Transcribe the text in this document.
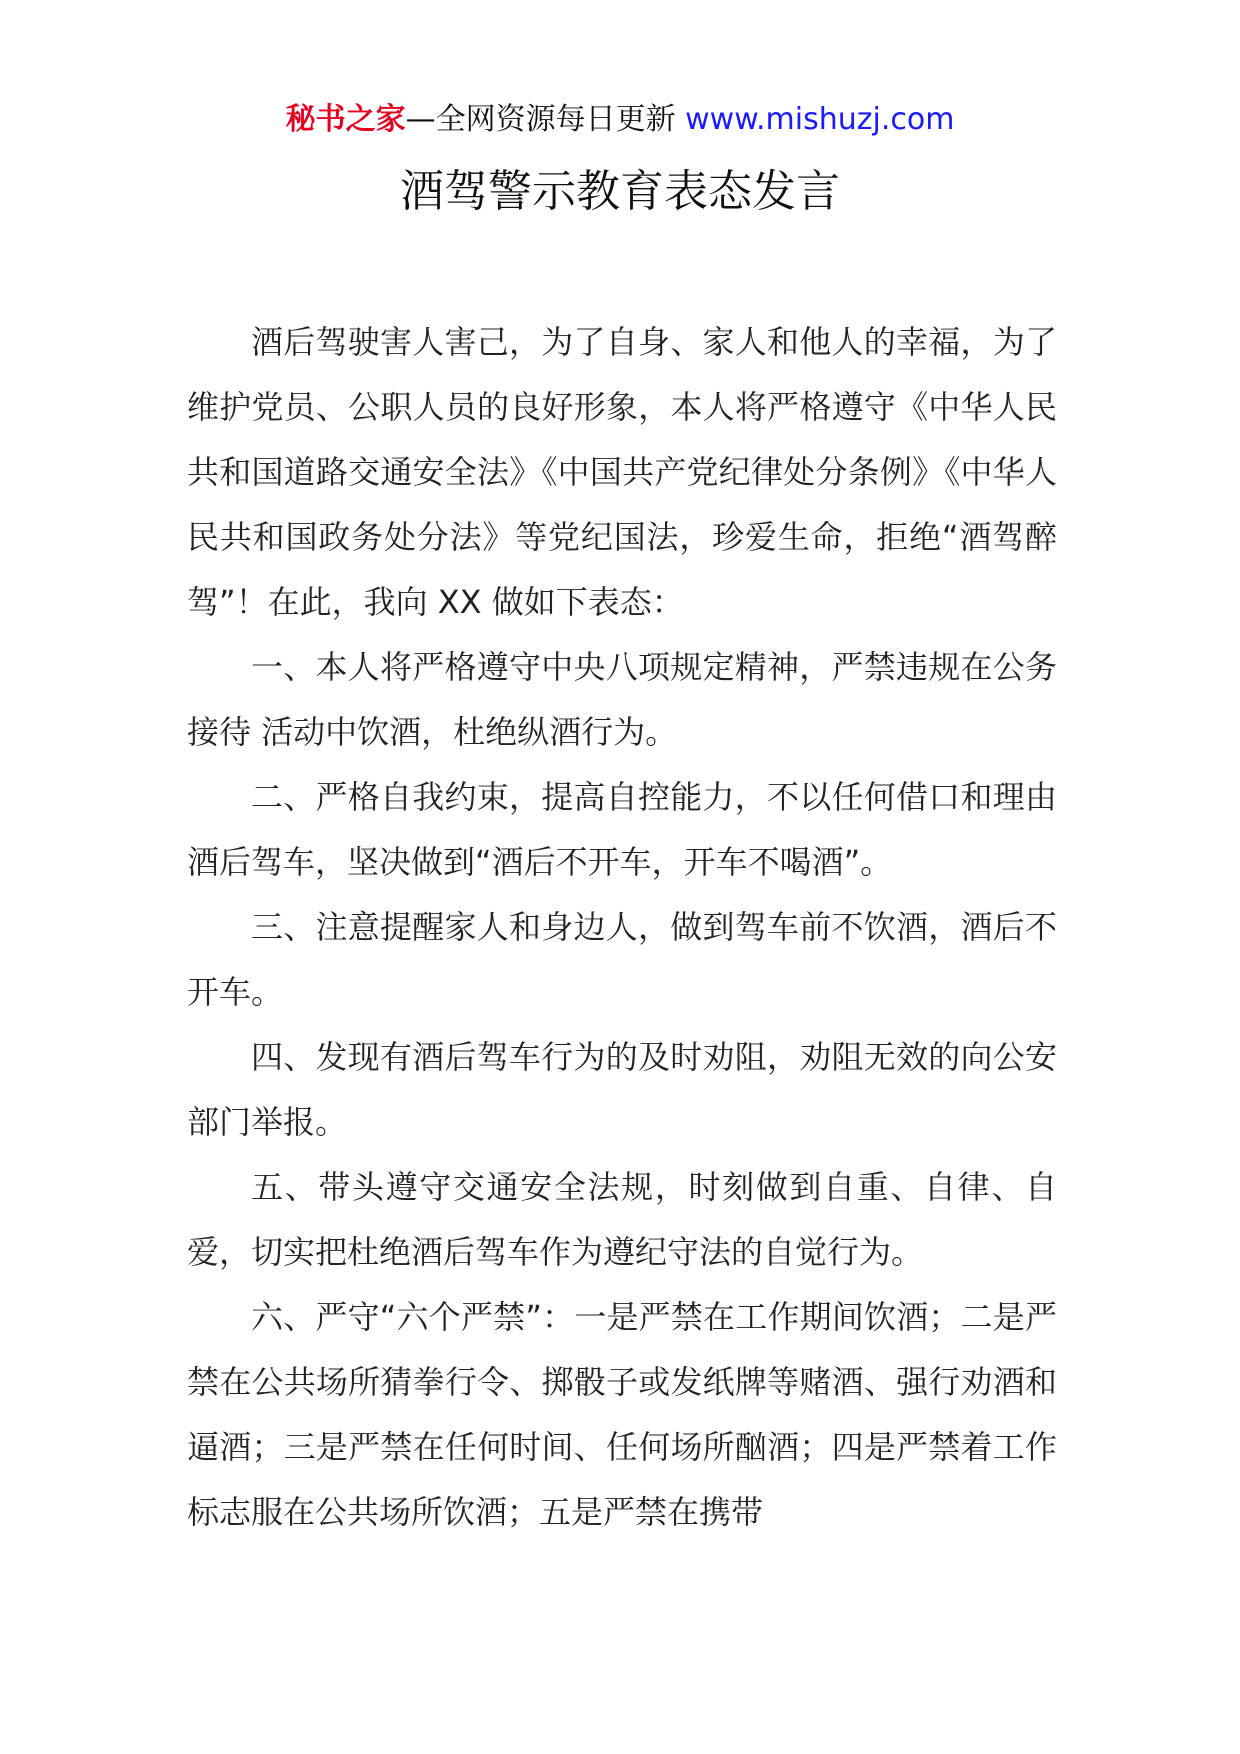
秘书之家—全网资源每日更新 www.mishuzj.com
酒驾警示教育表态发言

酒后驾驶害人害己，为了自身、家人和他人的幸福，为了维护党员、公职人员的良好形象，本人将严格遵守《中华人民共和国道路交通安全法》《中国共产党纪律处分条例》《中华人民共和国政务处分法》等党纪国法，珍爱生命，拒绝“酒驾醉驾”！在此，我向 XX 做如下表态：

一、本人将严格遵守中央八项规定精神，严禁违规在公务接待 活动中饮酒，杜绝纵酒行为。

二、严格自我约束，提高自控能力，不以任何借口和理由酒后驾车，坚决做到“酒后不开车，开车不喝酒”。

三、注意提醒家人和身边人，做到驾车前不饮酒，酒后不开车。

四、发现有酒后驾车行为的及时劝阻，劝阻无效的向公安部门举报。

五、带头遵守交通安全法规，时刻做到自重、自律、自爱，切实把杜绝酒后驾车作为遵纪守法的自觉行为。

六、严守“六个严禁”：一是严禁在工作期间饮酒；二是严禁在公共场所猜拳行令、掷骰子或发纸牌等赌酒、强行劝酒和逼酒；三是严禁在任何时间、任何场所酗酒；四是严禁着工作标志服在公共场所饮酒；五是严禁在携带
